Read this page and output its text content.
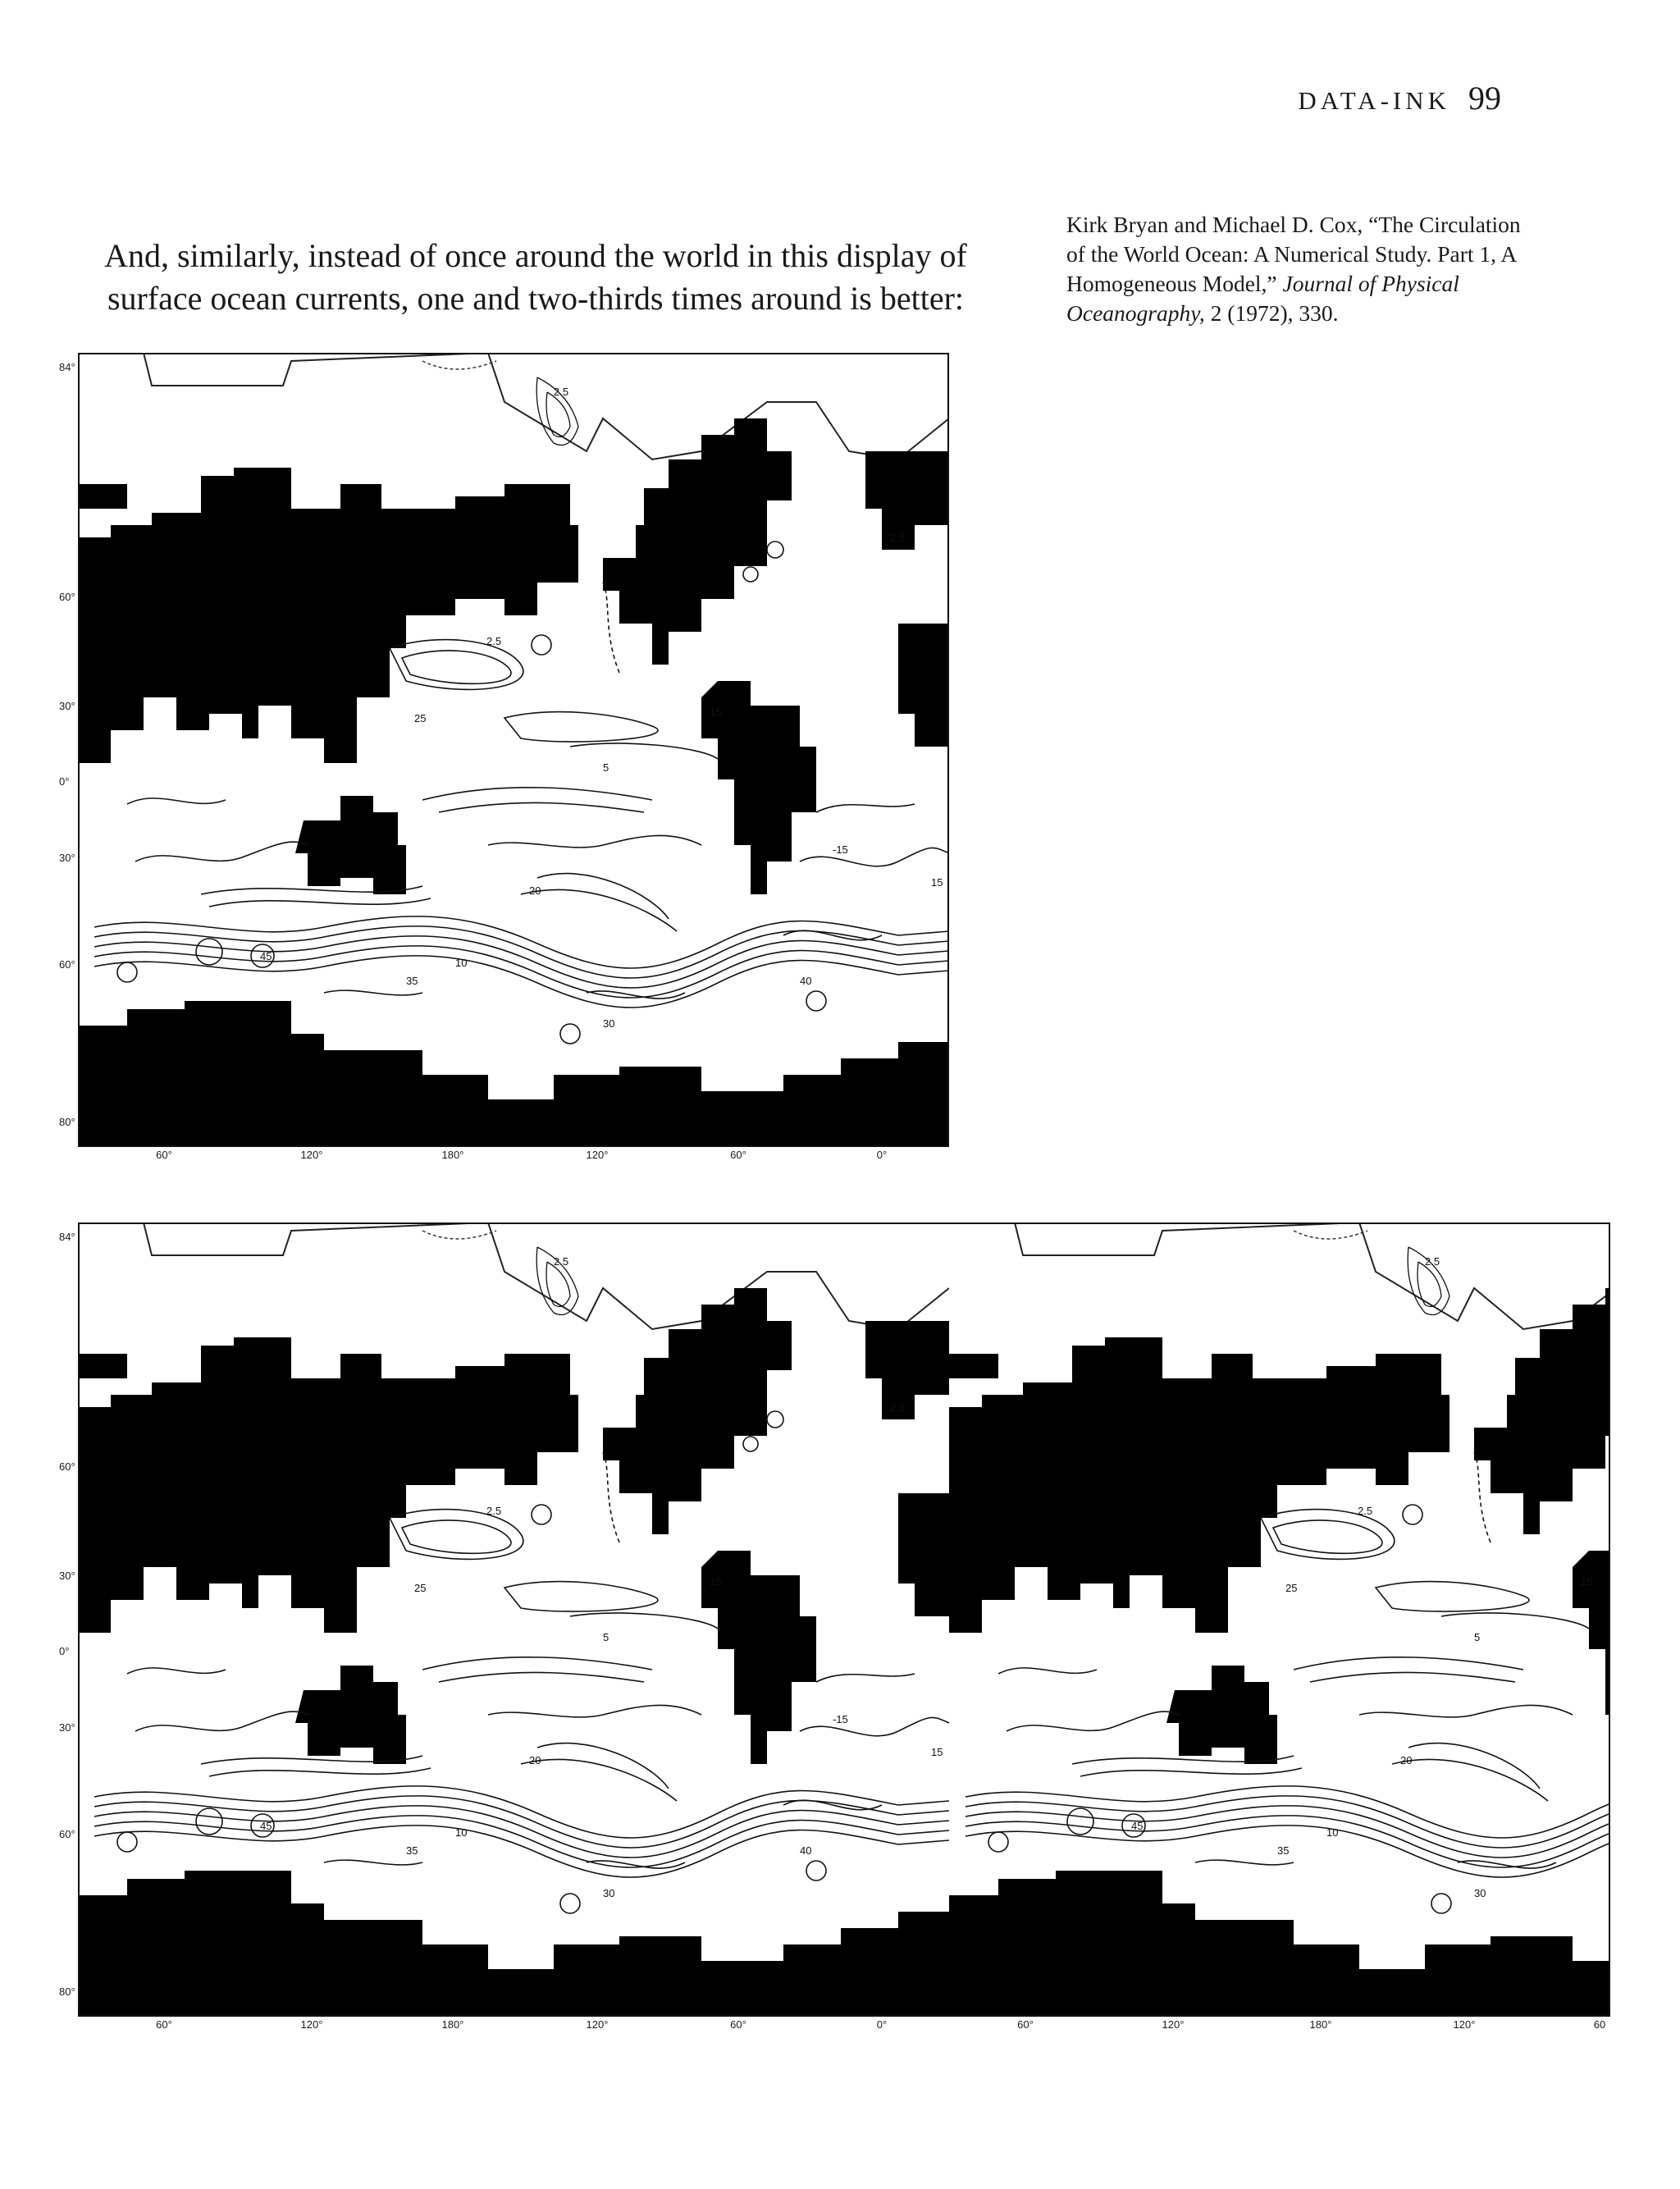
DATA-INK 99

And, similarly, instead of once around the world in this display of surface ocean currents, one and two-thirds times around is better:

Kirk Bryan and Michael D. Cox, “The Circulation of the World Ocean: A Numerical Study. Part 1, A Homogeneous Model,” Journal of Physical Oceanography, 2 (1972), 330.
2.5
2.5
2.5
25
5
15
-15
20
30
45
35	40
10
15
84°
60°
30°
0°
30°
60°
80°
60°	120°	180°	120°	60°	0°
84°
60°
30°
0°
30°
60°
80°
60°	120°	180°	120°	60°	0°	60°	120°	180°	120°	60
